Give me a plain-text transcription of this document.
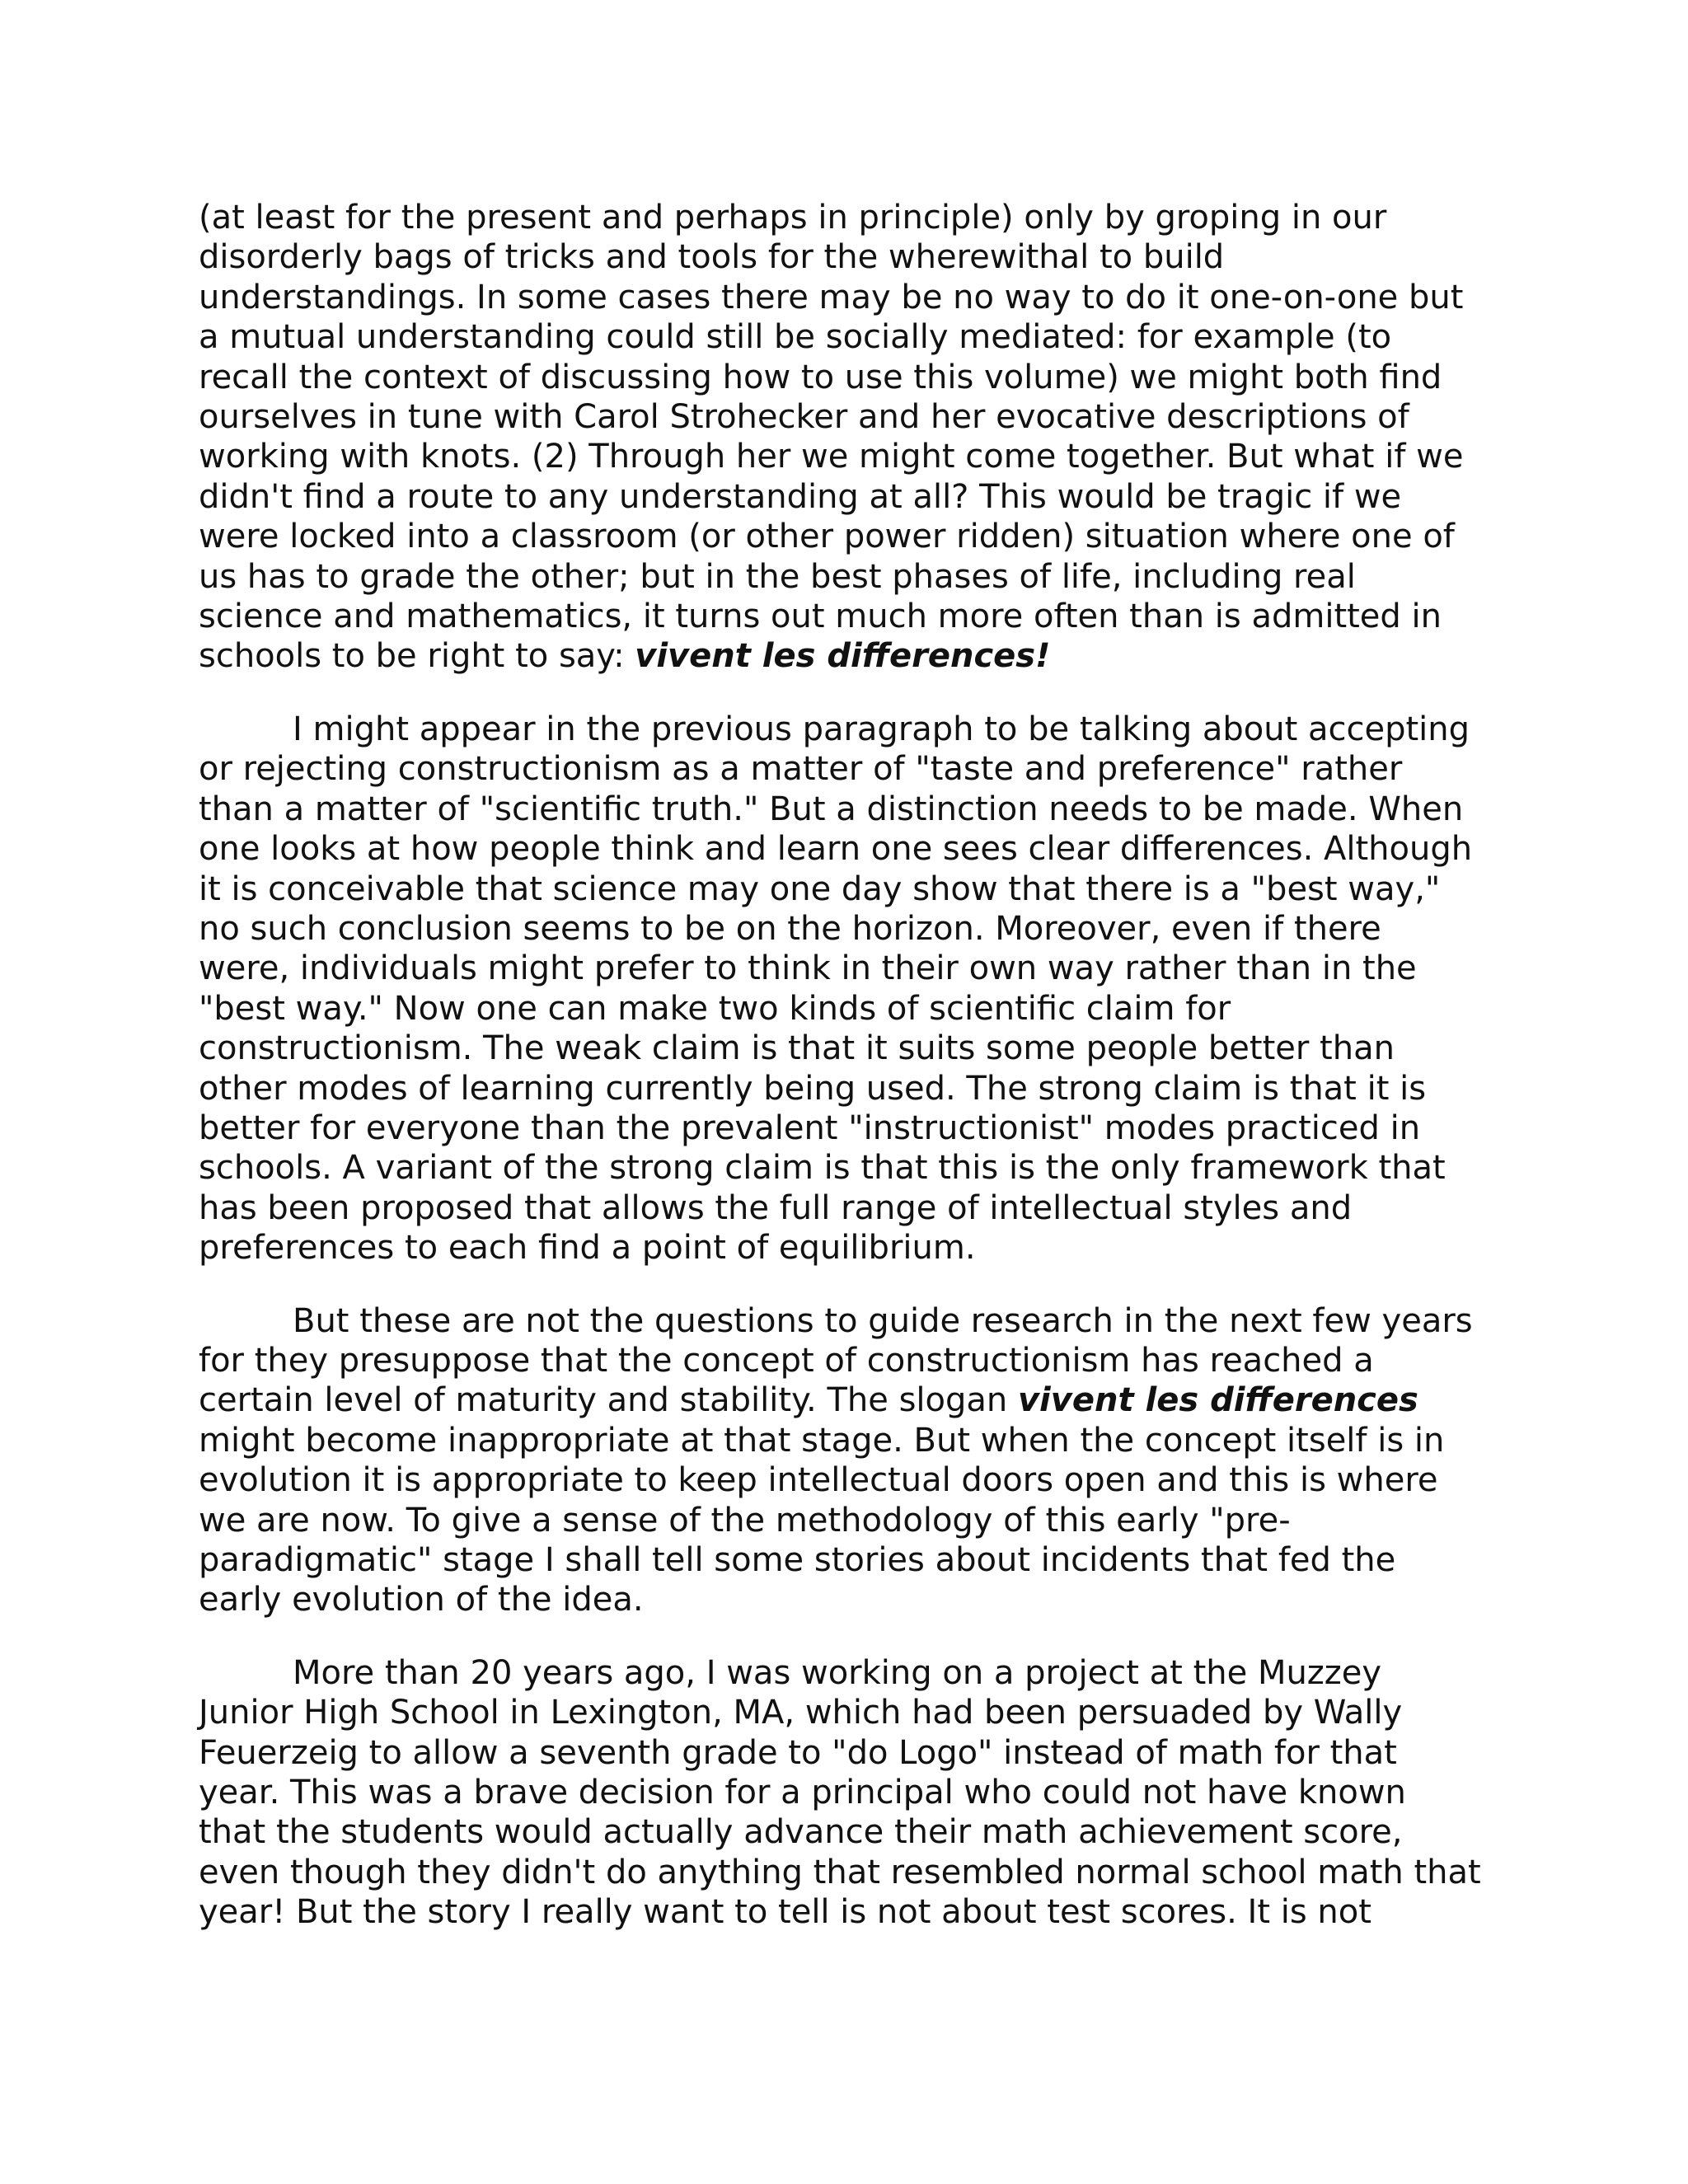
(at least for the present and perhaps in principle) only by groping in our
disorderly bags of tricks and tools for the wherewithal to build
understandings. In some cases there may be no way to do it one-on-one but
a mutual understanding could still be socially mediated: for example (to
recall the context of discussing how to use this volume) we might both find
ourselves in tune with Carol Strohecker and her evocative descriptions of
working with knots. (2) Through her we might come together. But what if we
didn't find a route to any understanding at all? This would be tragic if we
were locked into a classroom (or other power ridden) situation where one of
us has to grade the other; but in the best phases of life, including real
science and mathematics, it turns out much more often than is admitted in
schools to be right to say: vivent les differences!

I might appear in the previous paragraph to be talking about accepting
or rejecting constructionism as a matter of "taste and preference" rather
than a matter of "scientific truth." But a distinction needs to be made. When
one looks at how people think and learn one sees clear differences. Although
it is conceivable that science may one day show that there is a "best way,"
no such conclusion seems to be on the horizon. Moreover, even if there
were, individuals might prefer to think in their own way rather than in the
"best way." Now one can make two kinds of scientific claim for
constructionism. The weak claim is that it suits some people better than
other modes of learning currently being used. The strong claim is that it is
better for everyone than the prevalent "instructionist" modes practiced in
schools. A variant of the strong claim is that this is the only framework that
has been proposed that allows the full range of intellectual styles and
preferences to each find a point of equilibrium.

But these are not the questions to guide research in the next few years
for they presuppose that the concept of constructionism has reached a
certain level of maturity and stability. The slogan vivent les differences
might become inappropriate at that stage. But when the concept itself is in
evolution it is appropriate to keep intellectual doors open and this is where
we are now. To give a sense of the methodology of this early "pre-
paradigmatic" stage I shall tell some stories about incidents that fed the
early evolution of the idea.

More than 20 years ago, I was working on a project at the Muzzey
Junior High School in Lexington, MA, which had been persuaded by Wally
Feuerzeig to allow a seventh grade to "do Logo" instead of math for that
year. This was a brave decision for a principal who could not have known
that the students would actually advance their math achievement score,
even though they didn't do anything that resembled normal school math that
year! But the story I really want to tell is not about test scores. It is not
